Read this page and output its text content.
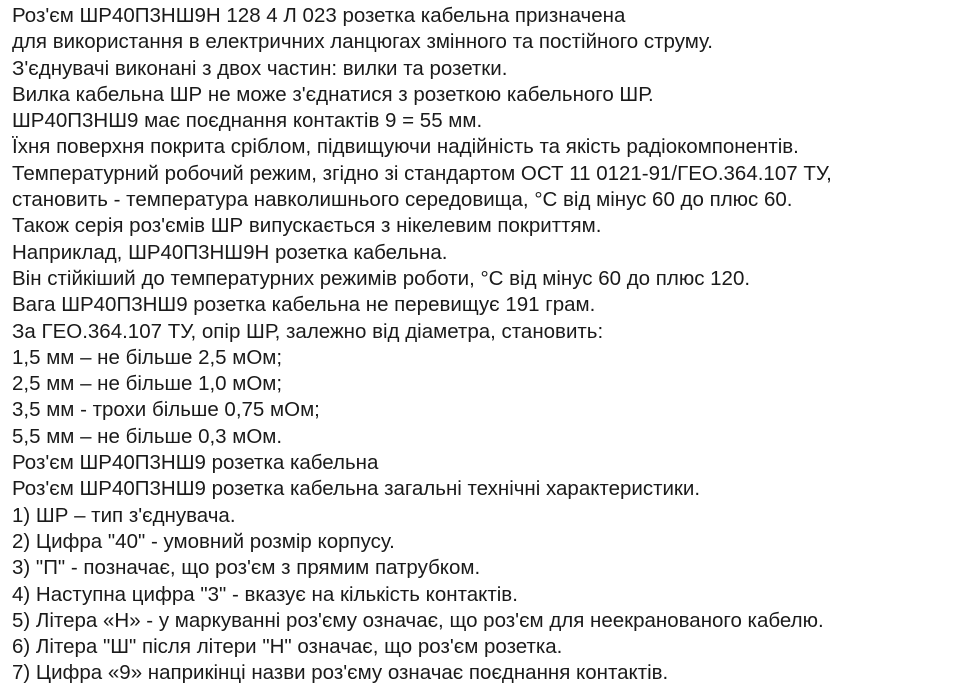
Роз'єм ШР40П3НШ9Н 128 4 Л 023 розетка кабельна призначена
для використання в електричних ланцюгах змінного та постійного струму.
З'єднувачі виконані з двох частин: вилки та розетки.
Вилка кабельна ШР не може з'єднатися з розеткою кабельного ШР.
ШР40П3НШ9 має поєднання контактів 9 = 55 мм.
Їхня поверхня покрита сріблом, підвищуючи надійність та якість радіокомпонентів.
Температурний робочий режим, згідно зі стандартом ОСТ 11 0121-91/ГЕО.364.107 ТУ,
становить - температура навколишнього середовища, °С від мінус 60 до плюс 60.
Також серія роз'ємів ШР випускається з нікелевим покриттям.
Наприклад, ШР40П3НШ9Н розетка кабельна.
Він стійкіший до температурних режимів роботи, °С від мінус 60 до плюс 120.
Вага ШР40П3НШ9 розетка кабельна не перевищує 191 грам.
За ГЕО.364.107 ТУ, опір ШР, залежно від діаметра, становить:
1,5 мм – не більше 2,5 мОм;
2,5 мм – не більше 1,0 мОм;
3,5 мм - трохи більше 0,75 мОм;
5,5 мм – не більше 0,3 мОм.
Роз'єм ШР40П3НШ9 розетка кабельна
Роз'єм ШР40П3НШ9 розетка кабельна загальні технічні характеристики.
1) ШР – тип з'єднувача.
2) Цифра "40" - умовний розмір корпусу.
3) "П" - позначає, що роз'єм з прямим патрубком.
4) Наступна цифра "3" - вказує на кількість контактів.
5) Літера «Н» - у маркуванні роз'єму означає, що роз'єм для неекранованого кабелю.
6) Літера "Ш" після літери "Н" означає, що роз'єм розетка.
7) Цифра «9» наприкінці назви роз'єму означає поєднання контактів.
